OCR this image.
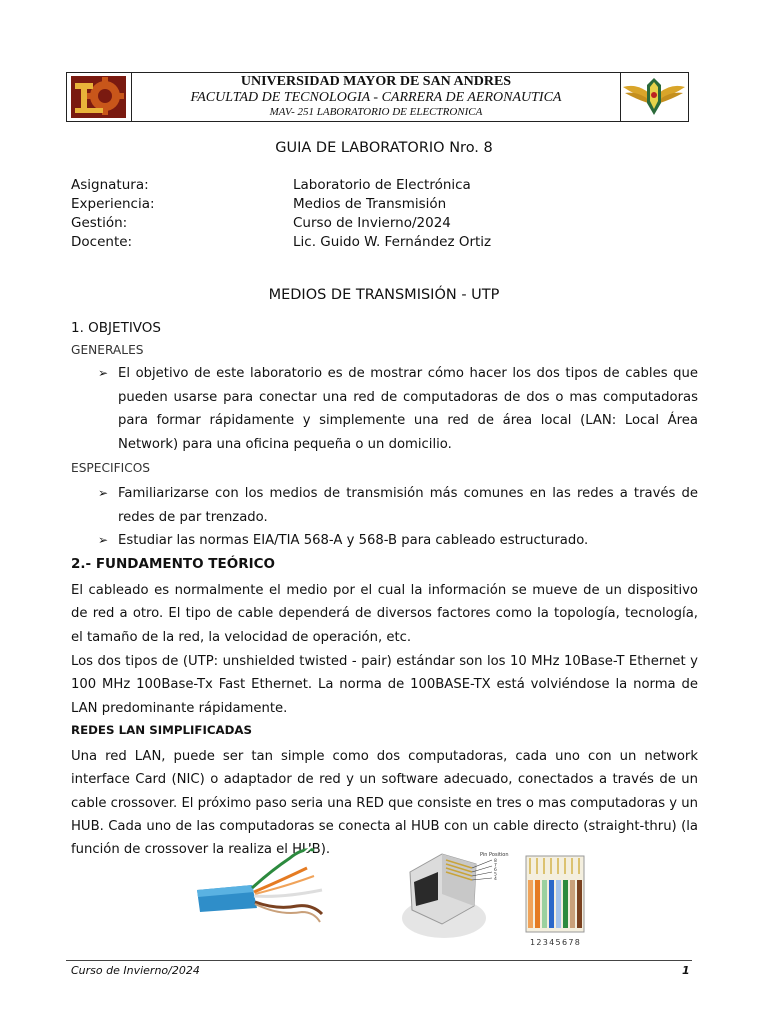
UNIVERSIDAD MAYOR DE SAN ANDRES
FACULTAD DE TECNOLOGIA - CARRERA DE AERONAUTICA
MAV- 251 LABORATORIO DE ELECTRONICA
GUIA DE LABORATORIO Nro. 8
Asignatura:	Laboratorio de Electrónica
Experiencia:	Medios de Transmisión
Gestión:	Curso de Invierno/2024
Docente:	Lic. Guido W. Fernández Ortiz
MEDIOS DE TRANSMISIÓN - UTP
1. OBJETIVOS
GENERALES
➢ El objetivo de este laboratorio es de mostrar cómo hacer los dos tipos de cables que pueden usarse para conectar una red de computadoras de dos o mas computadoras para formar rápidamente y simplemente una red de área local (LAN: Local Área Network) para una oficina pequeña o un domicilio.
ESPECIFICOS
➢ Familiarizarse con los medios de transmisión más comunes en las redes a través de redes de par trenzado.
➢ Estudiar las normas EIA/TIA 568-A y 568-B para cableado estructurado.
2.- FUNDAMENTO TEÓRICO
El cableado es normalmente el medio por el cual la información se mueve de un dispositivo de red a otro. El tipo de cable dependerá de diversos factores como la topología, tecnología, el tamaño de la red, la velocidad de operación, etc.
Los dos tipos de (UTP: unshielded twisted - pair) estándar son los 10 MHz 10Base-T Ethernet y 100 MHz 100Base-Tx Fast Ethernet. La norma de 100BASE-TX está volviéndose la norma de LAN predominante rápidamente.
REDES LAN SIMPLIFICADAS
Una red LAN, puede ser tan simple como dos computadoras, cada uno con un network interface Card (NIC) o adaptador de red y un software adecuado, conectados a través de un cable crossover. El próximo paso seria una RED que consiste en tres o mas computadoras y un HUB. Cada uno de las computadoras se conecta al HUB con un cable directo (straight-thru) (la función de crossover la realiza el HUB).	Pin Position
8
7
6
5
4
12345678
Curso de Invierno/2024	1
